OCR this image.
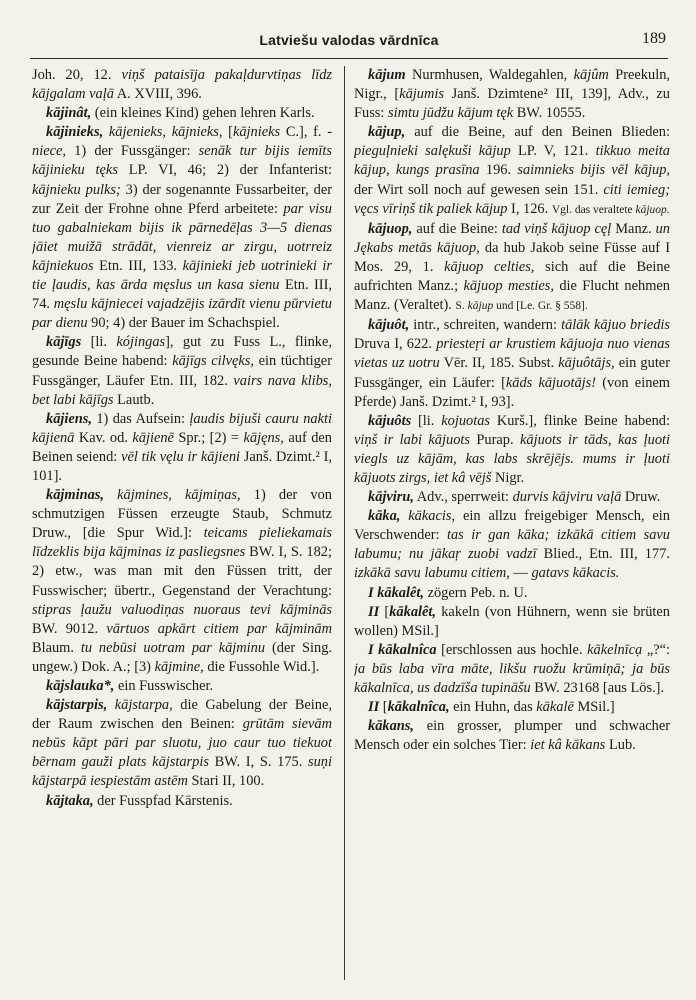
Latviešu valodas vārdnīca	189

Joh. 20, 12. viņš pataisīja pakaļdurvtiņas līdz kājgalam vaļā A. XVIII, 396.

kājinât, (ein kleines Kind) gehen lehren Karls.

kājinieks, kājenieks, kājnieks, [kājnieks C.], f. -niece, 1) der Fussgänger: senāk tur bijis iemīts kājinieku tęks LP. VI, 46; 2) der Infanterist: kājnieku pulks; 3) der sogenannte Fussarbeiter, der zur Zeit der Frohne ohne Pferd arbeitete: par visu tuo gabalniekam bijis ik pārnedēļas 3—5 dienas jāiet muižā strādāt, vienreiz ar zirgu, uotrreiz kājniekuos Etn. III, 133. kājinieki jeb uotrinieki ir tie ļaudis, kas ārda męslus un kasa sienu Etn. III, 74. męslu kājniecei vajadzējis izārdīt vienu pūrvietu par dienu 90; 4) der Bauer im Schachspiel.

kājīgs [li. kójingas], gut zu Fuss L., flinke, gesunde Beine habend: kājīgs cilvęks, ein tüchtiger Fussgänger, Läufer Etn. III, 182. vairs nava klibs, bet labi kājīgs Lautb.

kājiens, 1) das Aufsein: ļaudis bijuši cauru nakti kājienā Kav. od. kājienē Spr.; [2) = kājęns, auf den Beinen seiend: vēl tik vęlu ir kājieni Janš. Dzimt.² I, 101].

kājminas, kājmines, kājmiņas, 1) der von schmutzigen Füssen erzeugte Staub, Schmutz Druw., [die Spur Wid.]: teicams pieliekamais līdzeklis bija kājminas iz pasliegsnes BW. I, S. 182; 2) etw., was man mit den Füssen tritt, der Fusswischer; übertr., Gegenstand der Verachtung: stipras ļaužu valuodiņas nuoraus tevi kājminās BW. 9012. vārtuos apkārt citiem par kājminām Blaum. tu nebūsi uotram par kājminu (der Sing. ungew.) Dok. A.; [3) kājmine, die Fussohle Wid.].

kājslauka*, ein Fusswischer.

kājstarpis, kājstarpa, die Gabelung der Beine, der Raum zwischen den Beinen: grūtām sievām nebūs kāpt pāri par sluotu, juo caur tuo tiekuot bērnam gauži plats kājstarpis BW. I, S. 175. suņi kājstarpā iespiestām astēm Stari II, 100.

kājtaka, der Fusspfad Kārstenis.

kājum Nurmhusen, Waldegahlen, kājûm Preekuln, Nigr., [kājumis Janš. Dzimtene² III, 139], Adv., zu Fuss: simtu jūdžu kājum tęk BW. 10555.

kājup, auf die Beine, auf den Beinen Blieden: pieguļnieki salękuši kājup LP. V, 121. tikkuo meita kājup, kungs prasīna 196. saimnieks bijis vēl kājup, der Wirt soll noch auf gewesen sein 151. citi iemieg; vęcs vīriņš tik paliek kājup I, 126. Vgl. das veraltete kājuop.

kājuop, auf die Beine: tad viņš kājuop cęļ Manz. un Jękabs metās kājuop, da hub Jakob seine Füsse auf I Mos. 29, 1. kājuop celties, sich auf die Beine aufrichten Manz.; kājuop mesties, die Flucht nehmen Manz. (Veraltet). S. kājup und [Le. Gr. § 558].

kājuôt, intr., schreiten, wandern: tālāk kājuo briedis Druva I, 622. priesteŗi ar krustiem kājuoja nuo vienas vietas uz uotru Vēr. II, 185. Subst. kājuôtājs, ein guter Fussgänger, ein Läufer: [kāds kājuotājs! (von einem Pferde) Janš. Dzimt.² I, 93].

kājuôts [li. kojuotas Kurš.], flinke Beine habend: viņš ir labi kājuots Purap. kājuots ir tāds, kas ļuoti viegls uz kājām, kas labs skrējējs. mums ir ļuoti kājuots zirgs, iet kâ vējš Nigr.

kājviru, Adv., sperrweit: durvis kājviru vaļā Druw.

kāka, kākacis, ein allzu freigebiger Mensch, ein Verschwender: tas ir gan kāka; izkākā citiem savu labumu; nu jākaŗ zuobi vadzī Blied., Etn. III, 177. izkākā savu labumu citiem, — gatavs kākacis.

I kākalêt, zögern Peb. n. U.

II [kākalêt, kakeln (von Hühnern, wenn sie brüten wollen) MSil.]

I kākalnîca [erschlossen aus hochle. kākelnīcạ „?“: ja būs laba vīra māte, likšu ruožu krūmiņā; ja būs kākalnīca, us dadzīša tupināšu BW. 23168 [aus Lös.].

II [kākalnîca, ein Huhn, das kākalē MSil.]

kākans, ein grosser, plumper und schwacher Mensch oder ein solches Tier: iet kâ kākans Lub.
